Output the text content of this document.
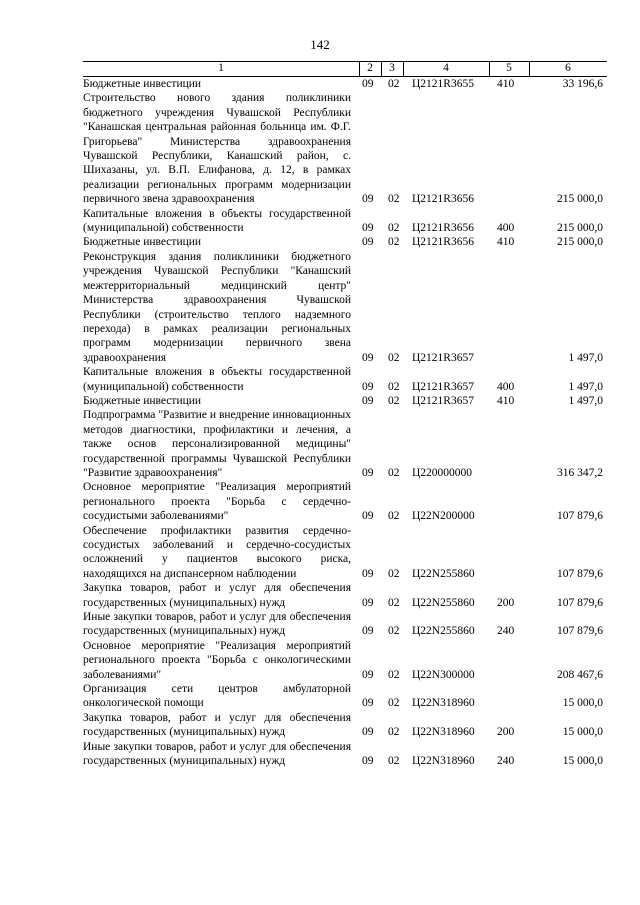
142
1	2	3	4	5	6
Бюджетные инвестиции	09 02 Ц2121R3655 410	33 196,6
Строительство нового здания поликлиники бюджетного учреждения Чувашской Республики "Канашская центральная районная больница им. Ф.Г. Григорьева" Министерства здравоохранения Чувашской Республики, Канашский район, с. Шихазаны, ул. В.П. Елифанова, д. 12, в рамках реализации региональных программ модернизации первичного звена здравоохранения	09 02 Ц2121R3656	215 000,0
Капитальные вложения в объекты государственной (муниципальной) собственности	09 02 Ц2121R3656 400	215 000,0
Бюджетные инвестиции	09 02 Ц2121R3656 410	215 000,0
Реконструкция здания поликлиники бюджетного учреждения Чувашской Республики "Канашский межтерриториальный медицинский центр" Министерства здравоохранения Чувашской Республики (строительство теплого надземного перехода) в рамках реализации региональных программ модернизации первичного звена здравоохранения	09 02 Ц2121R3657	1 497,0
Капитальные вложения в объекты государственной (муниципальной) собственности	09 02 Ц2121R3657 400	1 497,0
Бюджетные инвестиции	09 02 Ц2121R3657 410	1 497,0
Подпрограмма "Развитие и внедрение инновационных методов диагностики, профилактики и лечения, а также основ персонализированной медицины" государственной программы Чувашской Республики "Развитие здравоохранения"	09 02 Ц220000000	316 347,2
Основное мероприятие "Реализация мероприятий регионального проекта "Борьба с сердечно-сосудистыми заболеваниями"	09 02 Ц22N200000	107 879,6
Обеспечение профилактики развития сердечно-сосудистых заболеваний и сердечно-сосудистых осложнений у пациентов высокого риска, находящихся на диспансерном наблюдении	09 02 Ц22N255860	107 879,6
Закупка товаров, работ и услуг для обеспечения государственных (муниципальных) нужд	09 02 Ц22N255860 200	107 879,6
Иные закупки товаров, работ и услуг для обеспечения государственных (муниципальных) нужд	09 02 Ц22N255860 240	107 879,6
Основное мероприятие "Реализация мероприятий регионального проекта "Борьба с онкологическими заболеваниями"	09 02 Ц22N300000	208 467,6
Организация сети центров амбулаторной онкологической помощи	09 02 Ц22N318960	15 000,0
Закупка товаров, работ и услуг для обеспечения государственных (муниципальных) нужд	09 02 Ц22N318960 200	15 000,0
Иные закупки товаров, работ и услуг для обеспечения государственных (муниципальных) нужд	09 02 Ц22N318960 240	15 000,0
